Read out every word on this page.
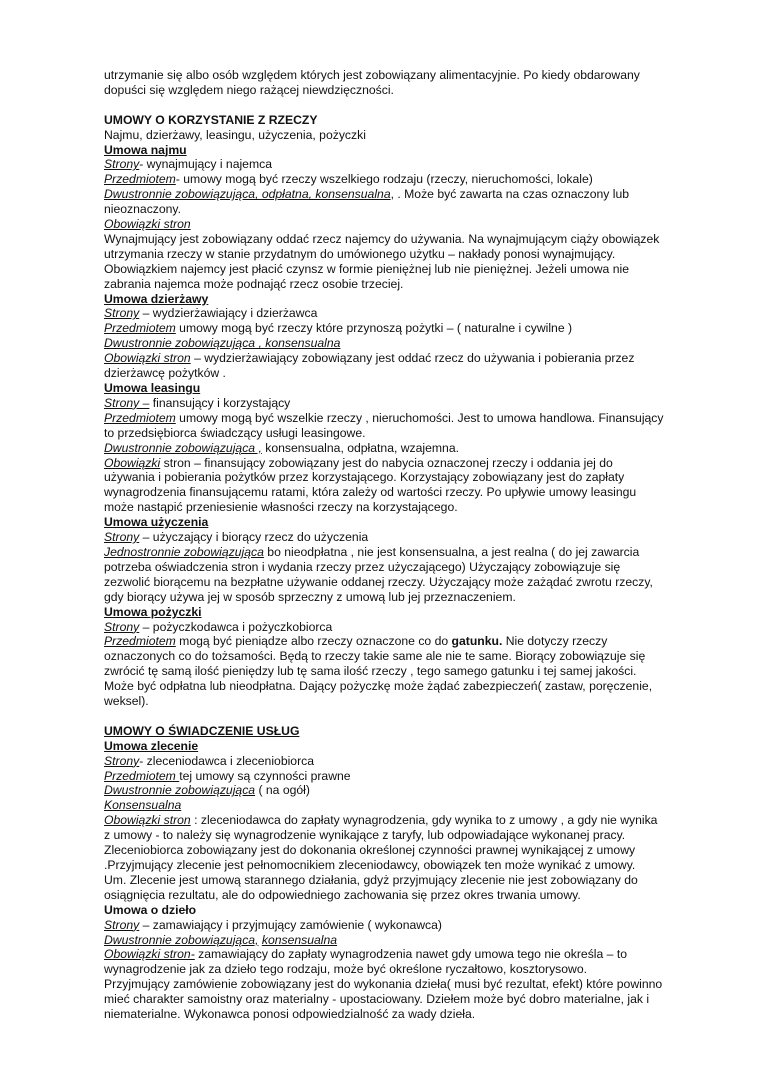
utrzymanie się albo osób względem których jest zobowiązany alimentacyjnie. Po kiedy obdarowany

dopuści się względem niego rażącej niewdzięczności.

UMOWY O KORZYSTANIE Z RZECZY

Najmu, dzierżawy, leasingu, użyczenia, pożyczki

Umowa najmu

Strony- wynajmujący i najemca

Przedmiotem- umowy mogą być rzeczy wszelkiego rodzaju (rzeczy, nieruchomości, lokale)

Dwustronnie zobowiązująca, odpłatna, konsensualna, . Może być zawarta na czas oznaczony lub

nieoznaczony.

Obowiązki stron

Wynajmujący jest zobowiązany oddać rzecz najemcy do używania. Na wynajmującym ciąży obowiązek

utrzymania rzeczy w stanie przydatnym do umówionego użytku – nakłady ponosi wynajmujący.

Obowiązkiem najemcy jest płacić czynsz w formie pieniężnej lub nie pieniężnej. Jeżeli umowa nie

zabrania najemca może podnająć rzecz osobie trzeciej.

Umowa dzierżawy

Strony – wydzierżawiający i dzierżawca

Przedmiotem umowy mogą być rzeczy które przynoszą pożytki – ( naturalne i cywilne )

Dwustronnie zobowiązująca , konsensualna

Obowiązki stron – wydzierżawiający zobowiązany jest oddać rzecz do używania i pobierania przez

dzierżawcę pożytków .

Umowa leasingu

Strony – finansujący i korzystający

Przedmiotem umowy mogą być wszelkie rzeczy , nieruchomości. Jest to umowa handlowa. Finansujący

to przedsiębiorca świadczący usługi leasingowe.

Dwustronnie zobowiązująca , konsensualna, odpłatna, wzajemna.

Obowiązki stron – finansujący zobowiązany jest do nabycia oznaczonej rzeczy i oddania jej do

używania i pobierania pożytków przez korzystającego. Korzystający zobowiązany jest do zapłaty

wynagrodzenia finansującemu ratami, która zależy od wartości rzeczy. Po upływie umowy leasingu

może nastąpić przeniesienie własności rzeczy na korzystającego.

Umowa użyczenia

Strony – użyczający i biorący rzecz do użyczenia

Jednostronnie zobowiązująca bo nieodpłatna , nie jest konsensualna, a jest realna ( do jej zawarcia

potrzeba oświadczenia stron i wydania rzeczy przez użyczającego) Użyczający zobowiązuje się

zezwolić biorącemu na bezpłatne używanie oddanej rzeczy. Użyczający może zażądać zwrotu rzeczy,

gdy biorący używa jej w sposób sprzeczny z umową lub jej przeznaczeniem.

Umowa pożyczki

Strony – pożyczkodawca i pożyczkobiorca

Przedmiotem mogą być pieniądze albo rzeczy oznaczone co do gatunku. Nie dotyczy rzeczy

oznaczonych co do tożsamości. Będą to rzeczy takie same ale nie te same. Biorący zobowiązuje się

zwrócić tę samą ilość pieniędzy lub tę sama ilość rzeczy , tego samego gatunku i tej samej jakości.

Może być odpłatna lub nieodpłatna. Dający pożyczkę może żądać zabezpieczeń( zastaw, poręczenie,

weksel).

UMOWY O ŚWIADCZENIE USŁUG

Umowa zlecenie

Strony- zleceniodawca i zleceniobiorca

Przedmiotem tej umowy są czynności prawne

Dwustronnie zobowiązująca ( na ogół)

Konsensualna

Obowiązki stron : zleceniodawca do zapłaty wynagrodzenia, gdy wynika to z umowy , a gdy nie wynika

z umowy - to należy się wynagrodzenie wynikające z taryfy, lub odpowiadające wykonanej pracy.

Zleceniobiorca zobowiązany jest do dokonania określonej czynności prawnej wynikającej z umowy

.Przyjmujący zlecenie jest pełnomocnikiem zleceniodawcy, obowiązek ten może wynikać z umowy.

Um. Zlecenie jest umową starannego działania, gdyż przyjmujący zlecenie nie jest zobowiązany do

osiągnięcia rezultatu, ale do odpowiedniego zachowania się przez okres trwania umowy.

Umowa o dzieło

Strony – zamawiający i przyjmujący zamówienie ( wykonawca)

Dwustronnie zobowiązująca, konsensualna

Obowiązki stron- zamawiający do zapłaty wynagrodzenia nawet gdy umowa tego nie określa – to

wynagrodzenie jak za dzieło tego rodzaju, może być określone ryczałtowo, kosztorysowo.

Przyjmujący zamówienie zobowiązany jest do wykonania dzieła( musi być rezultat, efekt) które powinno

mieć charakter samoistny oraz materialny - upostaciowany. Dziełem może być dobro materialne, jak i

niematerialne. Wykonawca ponosi odpowiedzialność za wady dzieła.
